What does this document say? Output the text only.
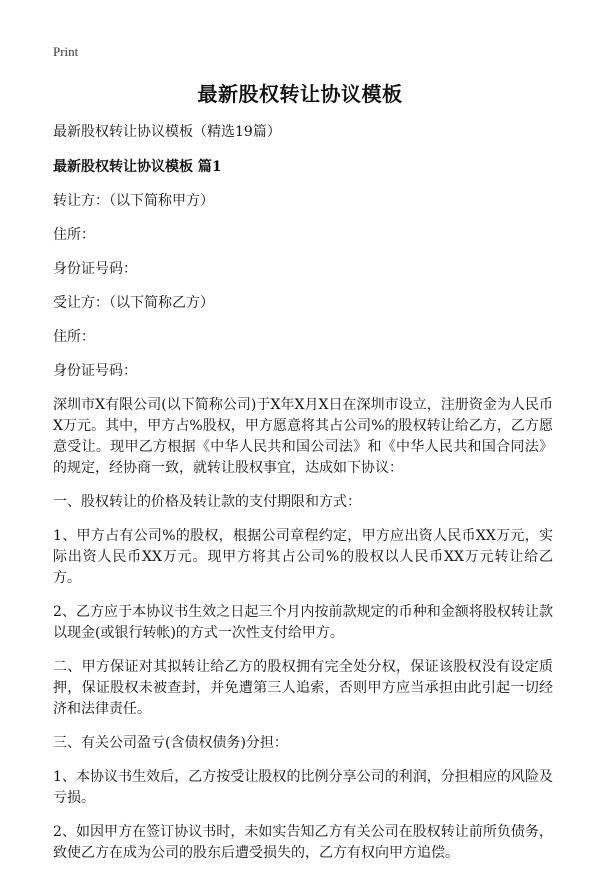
Print
最新股权转让协议模板

最新股权转让协议模板（精选19篇）

最新股权转让协议模板 篇1

转让方：（以下简称甲方）

住所：

身份证号码：

受让方：（以下简称乙方）

住所：

身份证号码：

深圳市X有限公司(以下简称公司)于X年X月X日在深圳市设立，注册资金为人民币X万元。其中，甲方占%股权，甲方愿意将其占公司%的股权转让给乙方，乙方愿意受让。现甲乙方根据《中华人民共和国公司法》和《中华人民共和国合同法》的规定，经协商一致，就转让股权事宜，达成如下协议：

一、股权转让的价格及转让款的支付期限和方式：

1、甲方占有公司%的股权，根据公司章程约定，甲方应出资人民币XX万元，实际出资人民币XX万元。现甲方将其占公司%的股权以人民币XX万元转让给乙方。

2、乙方应于本协议书生效之日起三个月内按前款规定的币种和金额将股权转让款以现金(或银行转帐)的方式一次性支付给甲方。

二、甲方保证对其拟转让给乙方的股权拥有完全处分权，保证该股权没有设定质押，保证股权未被查封，并免遭第三人追索，否则甲方应当承担由此引起一切经济和法律责任。

三、有关公司盈亏(含债权债务)分担：

1、本协议书生效后，乙方按受让股权的比例分享公司的利润，分担相应的风险及亏损。

2、如因甲方在签订协议书时，未如实告知乙方有关公司在股权转让前所负债务，致使乙方在成为公司的股东后遭受损失的，乙方有权向甲方追偿。
